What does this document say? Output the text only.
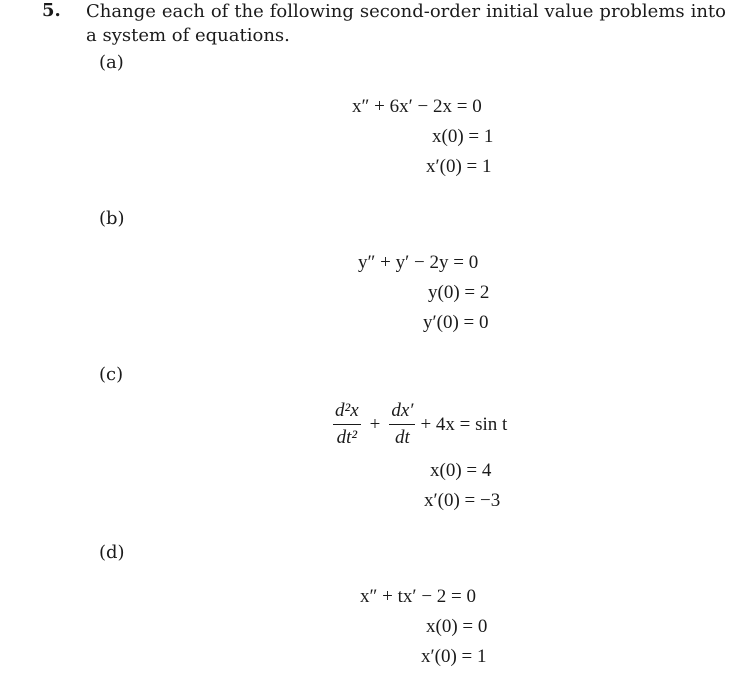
5. Change each of the following second-order initial value problems into a system of equations.
(a)
x″ + 6x′ − 2x = 0
x(0) = 1
x′(0) = 1
(b)
y″ + y′ − 2y = 0
y(0) = 2
y′(0) = 0
(c)
$\frac{\text{d²x}}{\text{dt²}} + \frac{dx'}{dt} + 4x = \sin t$
x(0) = 4
x′(0) = −3
(d)
x″ + tx′ − 2 = 0
x(0) = 0
x′(0) = 1
